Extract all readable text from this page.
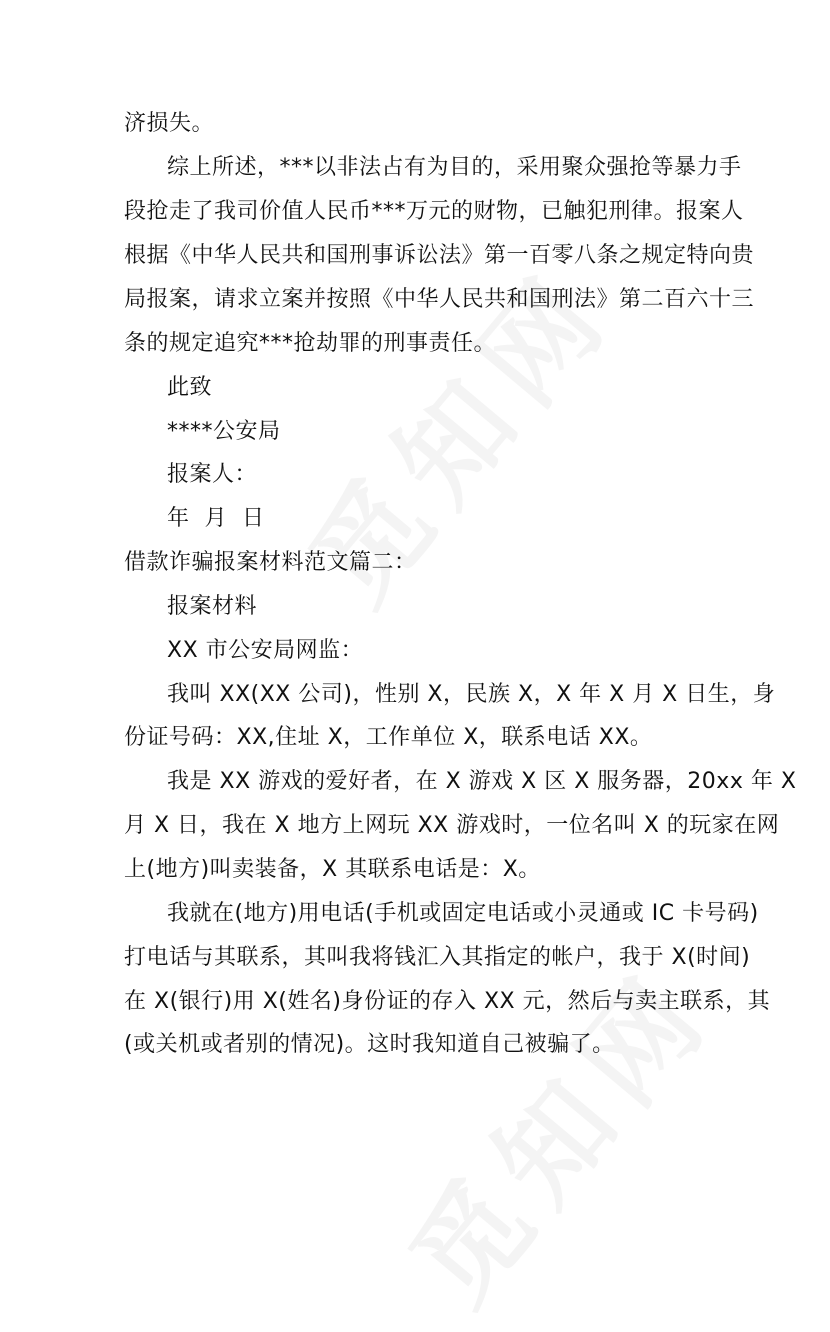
济损失。
综上所述，***以非法占有为目的，采用聚众强抢等暴力手
段抢走了我司价值人民币***万元的财物，已触犯刑律。报案人
根据《中华人民共和国刑事诉讼法》第一百零八条之规定特向贵
局报案，请求立案并按照《中华人民共和国刑法》第二百六十三
条的规定追究***抢劫罪的刑事责任。
此致
****公安局
报案人：
年  月  日
借款诈骗报案材料范文篇二：
报案材料
XX 市公安局网监：
我叫 XX(XX 公司)，性别 X，民族 X，X 年 X 月 X 日生，身
份证号码：XX,住址 X，工作单位 X，联系电话 XX。
我是 XX 游戏的爱好者，在 X 游戏 X 区 X 服务器，20xx 年 X
月 X 日，我在 X 地方上网玩 XX 游戏时，一位名叫 X 的玩家在网
上(地方)叫卖装备，X 其联系电话是：X。
我就在(地方)用电话(手机或固定电话或小灵通或 IC 卡号码)
打电话与其联系，其叫我将钱汇入其指定的帐户，我于 X(时间)
在 X(银行)用 X(姓名)身份证的存入 XX 元，然后与卖主联系，其
(或关机或者别的情况)。这时我知道自己被骗了。
